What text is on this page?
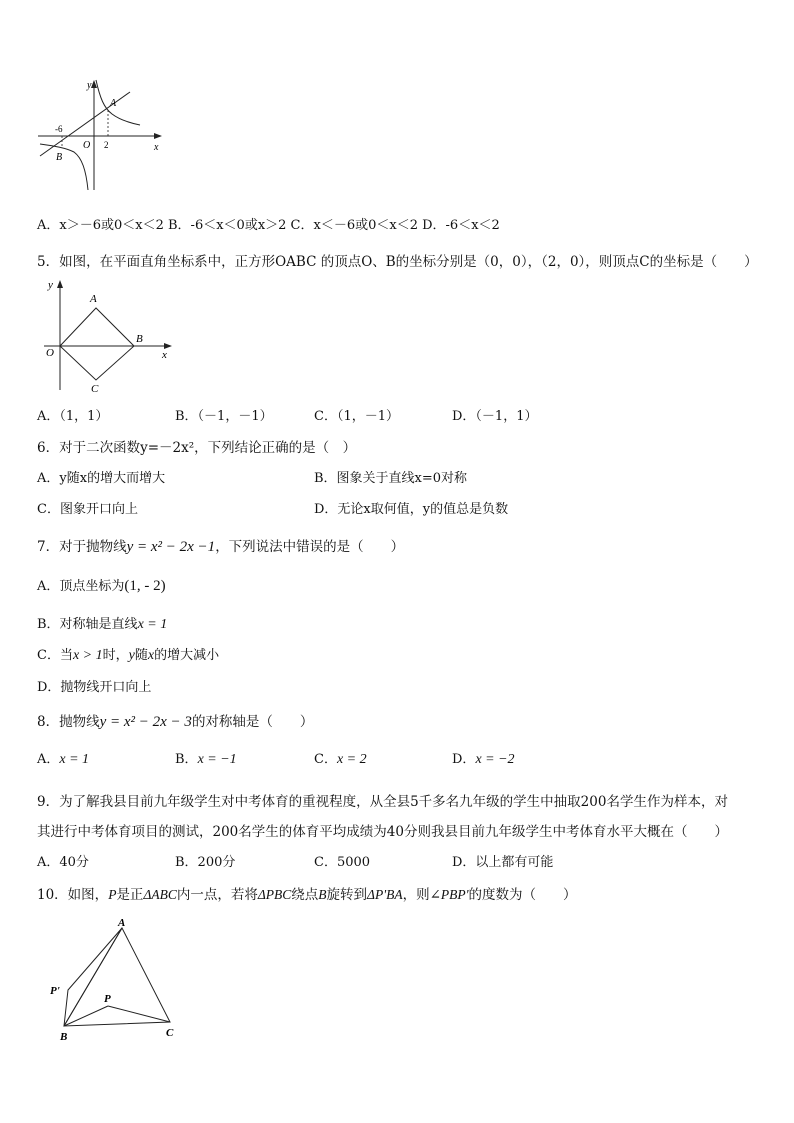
y
x
A
B
O
-6
2
A．x＞－6或0＜x＜2 B．-6＜x＜0或x＞2 C．x＜－6或0＜x＜2 D．-6＜x＜2
5．如图，在平面直角坐标系中，正方形OABC 的顶点O、B的坐标分别是（0，0），（2，0），则顶点C的坐标是（　　）
y
x
O
A
B
C
A．（1，1）	B．（－1，－1）	C．（1，－1）	D．（－1，1）
6．对于二次函数y=－2x²，下列结论正确的是（　）
A．y随x的增大而增大	B．图象关于直线x=0对称
C．图象开口向上	D．无论x取何值，y的值总是负数
7．对于抛物线y = x² − 2x −1，下列说法中错误的是（　　）
A．顶点坐标为(1, - 2)
B．对称轴是直线x = 1
C．当x > 1时，y随x的增大减小
D．抛物线开口向上
8．抛物线y = x² − 2x − 3的对称轴是（　　）
A．x = 1	B．x = −1	C．x = 2	D．x = −2
9．为了解我县目前九年级学生对中考体育的重视程度，从全县5千多名九年级的学生中抽取200名学生作为样本，对
其进行中考体育项目的测试，200名学生的体育平均成绩为40分则我县目前九年级学生中考体育水平大概在（　　）
A．40分	B．200分	C．5000	D．以上都有可能
10．如图，P是正ΔABC内一点，若将ΔPBC绕点B旋转到ΔP'BA，则∠PBP'的度数为（　　）
A
B	C
P
P'
